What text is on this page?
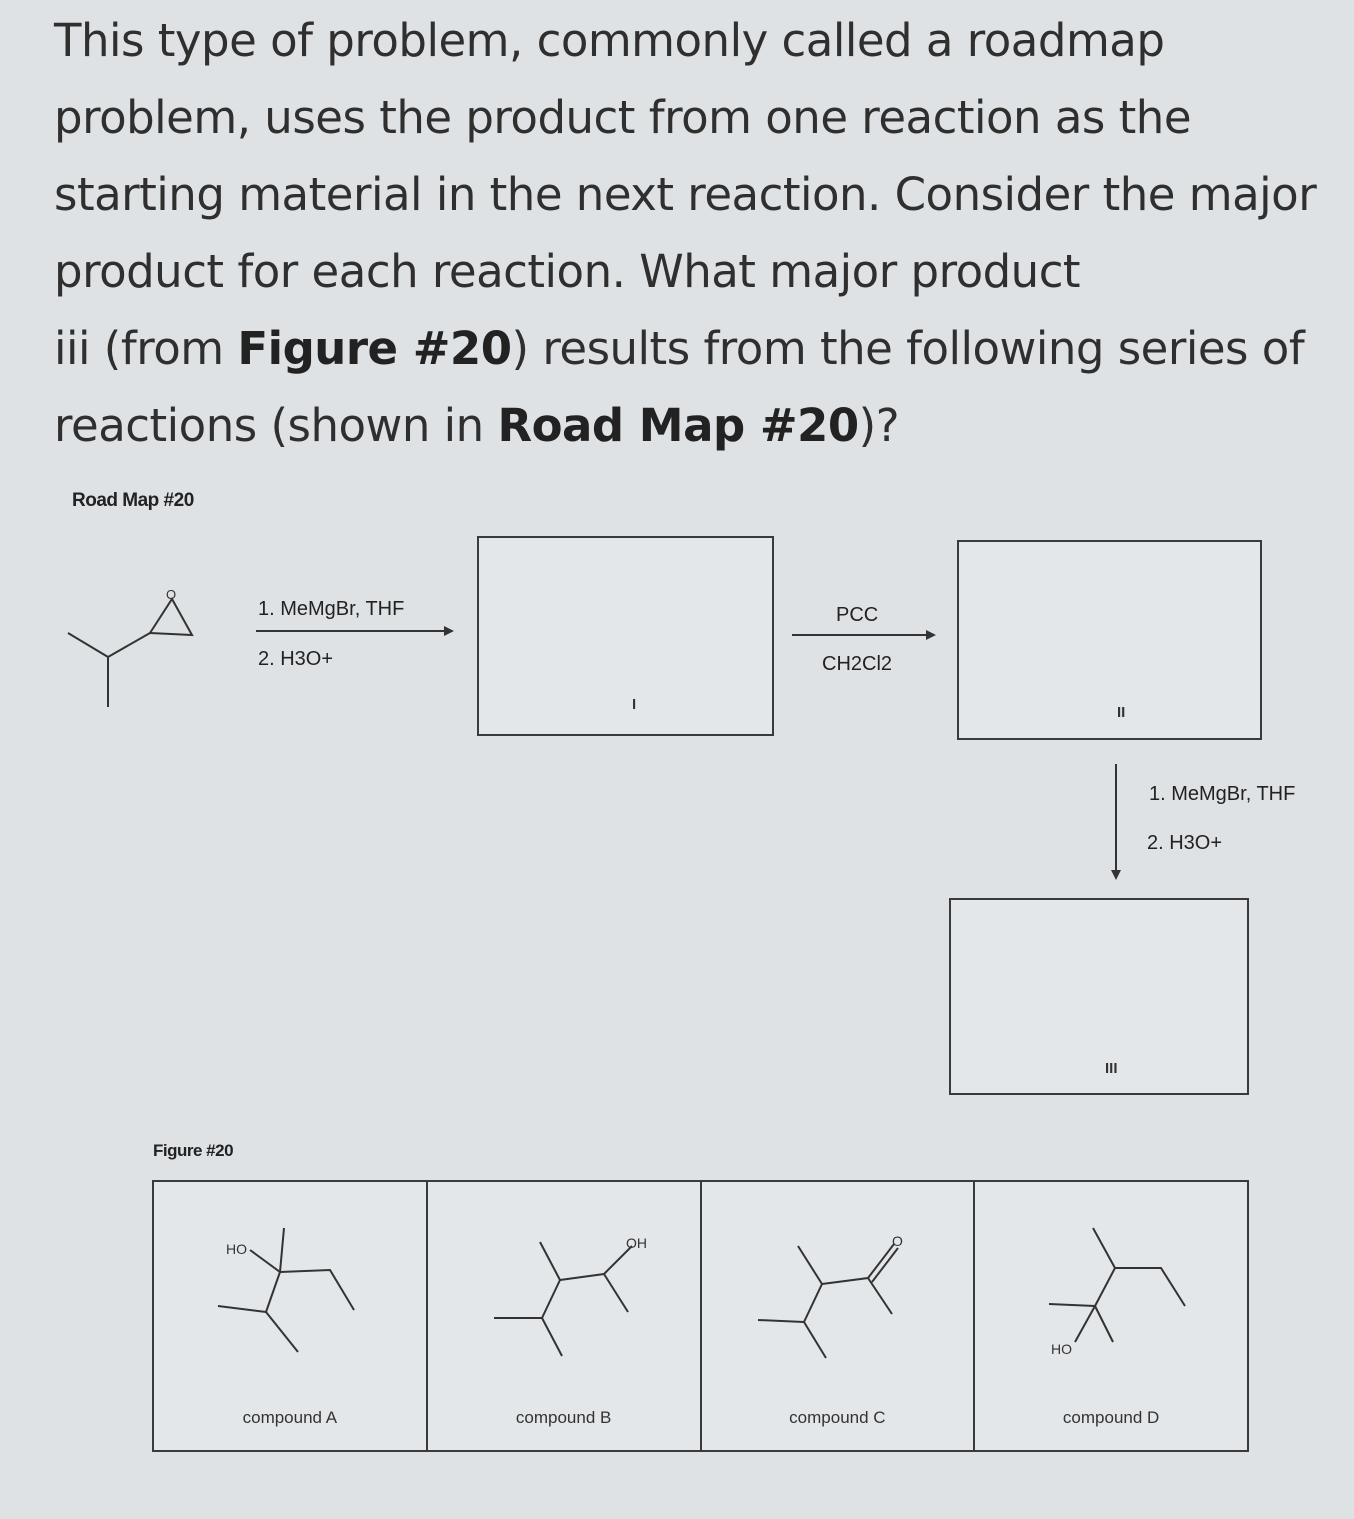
This type of problem, commonly called a roadmap problem, uses the product from one reaction as the starting material in the next reaction. Consider the major product for each reaction. What major product
iii (from Figure #20) results from the following series of reactions (shown in Road Map #20)?
Road Map #20
O
1. MeMgBr, THF
2. H3O+
I
PCC
CH2Cl2
II
1. MeMgBr, THF
2. H3O+
III
Figure #20
HO
compound A
OH
compound B
O
compound C
HO
compound D
